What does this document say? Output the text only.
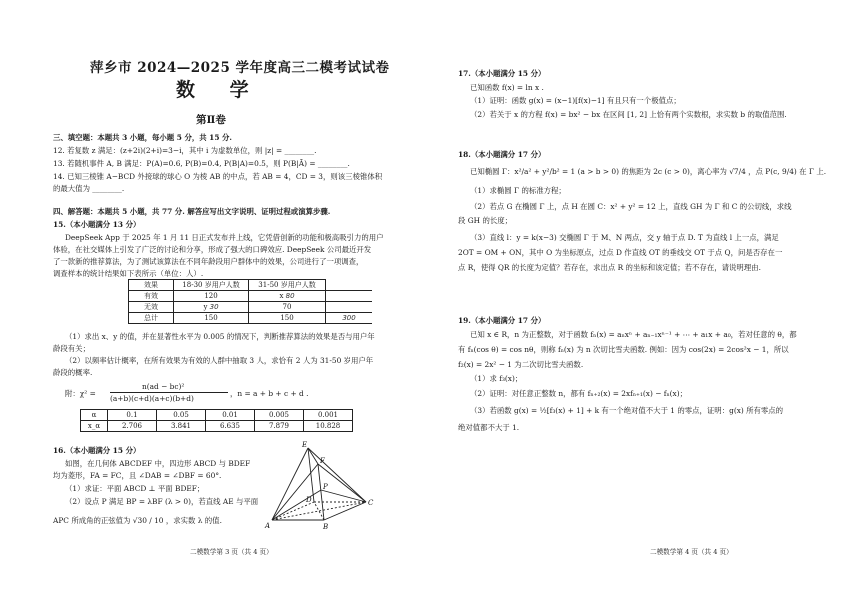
萍乡市 2024—2025 学年度高三二模考试试卷
数 学
第Ⅱ卷
三、填空题：本题共 3 小题，每小题 5 分，共 15 分.
12. 若复数 z 满足：(z+2i)(2+i)=3−i，其中 i 为虚数单位，则 |z| = ________.
13. 若随机事件 A, B 满足：P(A)=0.6, P(B)=0.4, P(B|A)=0.5，则 P(B|Ā) = ________.
14. 已知三棱锥 A−BCD 外接球的球心 O 为棱 AB 的中点，若 AB = 4，CD = 3，则该三棱锥体积
的最大值为 ________.
四、解答题：本题共 5 小题，共 77 分. 解答应写出文字说明、证明过程或演算步骤.
15.（本小题满分 13 分）
DeepSeek App 于 2025 年 1 月 11 日正式发布并上线，它凭借创新的功能和极高吸引力的用户
体验，在社交媒体上引发了广泛的讨论和分享，形成了强大的口碑效应. DeepSeek 公司最近开发
了一款新的推荐算法，为了测试该算法在不同年龄段用户群体中的效果，公司进行了一项调查，
调查样本的统计结果如下表所示（单位：人）.
效果	18-30 岁用户人数	31-50 岁用户人数	
有效	120	x 80	
无效	y 30	70	
总计	150	150	300
（1）求出 x、y 的值，并在显著性水平为 0.005 的情况下，判断推荐算法的效果是否与用户年
龄段有关；
（2）以频率估计概率，在所有效果为有效的人群中抽取 3 人，求恰有 2 人为 31-50 岁用户年
龄段的概率.
附：χ² =
n(ad − bc)²
(a+b)(c+d)(a+c)(b+d)
，n = a + b + c + d .
α	0.1	0.05	0.01	0.005	0.001
x_α	2.706	3.841	6.635	7.879	10.828
16.（本小题满分 15 分）
如图，在几何体 ABCDEF 中，四边形 ABCD 与 BDEF
均为菱形，FA = FC，且 ∠DAB = ∠DBF = 60°.
（1）求证：平面 ABCD ⊥ 平面 BDEF；
（2）设点 P 满足 BP = λBF (λ > 0)，若直线 AE 与平面
APC 所成角的正弦值为 √30 / 10 ，求实数 λ 的值.
E
F
P
D
A	B
C
二模数学第 3 页（共 4 页）
17.（本小题满分 15 分）
已知函数 f(x) = ln x .
（1）证明：函数 g(x) = (x−1)[f(x)−1] 有且只有一个极值点；
（2）若关于 x 的方程 f(x) = bx² − bx 在区间 [1, 2] 上恰有两个实数根，求实数 b 的取值范围.
18.（本小题满分 17 分）
已知椭圆 Γ：x²/a² + y²/b² = 1 (a > b > 0) 的焦距为 2c (c > 0)，离心率为 √7/4 ，点 P(c, 9/4) 在 Γ 上.
（1）求椭圆 Γ 的标准方程；
（2）若点 G 在椭圆 Γ 上，点 H 在圆 C：x² + y² = 12 上，直线 GH 为 Γ 和 C 的公切线，求线
段 GH 的长度；
（3）直线 l：y = k(x−3) 交椭圆 Γ 于 M、N 两点，交 y 轴于点 D. T 为直线 l 上一点，满足
2OT = OM + ON，其中 O 为坐标原点，过点 D 作直线 OT 的垂线交 OT 于点 Q，问是否存在一
点 R，使得 QR 的长度为定值？若存在，求出点 R 的坐标和该定值；若不存在，请说明理由.
19.（本小题满分 17 分）
已知 x ∈ R，n 为正整数，对于函数 fₙ(x) = aₙxⁿ + aₙ₋₁xⁿ⁻¹ + ⋯ + a₁x + a₀，若对任意的 θ，都
有 fₙ(cos θ) = cos nθ，则称 fₙ(x) 为 n 次切比雪夫函数. 例如：因为 cos(2x) = 2cos²x − 1，所以
f₂(x) = 2x² − 1 为二次切比雪夫函数.
（1）求 f₃(x)；
（2）证明：对任意正整数 n，都有 fₙ₊₂(x) = 2xfₙ₊₁(x) − fₙ(x)；
（3）若函数 g(x) = ½[f₃(x) + 1] + k 有一个绝对值不大于 1 的零点，证明：g(x) 所有零点的
绝对值都不大于 1.
二模数学第 4 页（共 4 页）
